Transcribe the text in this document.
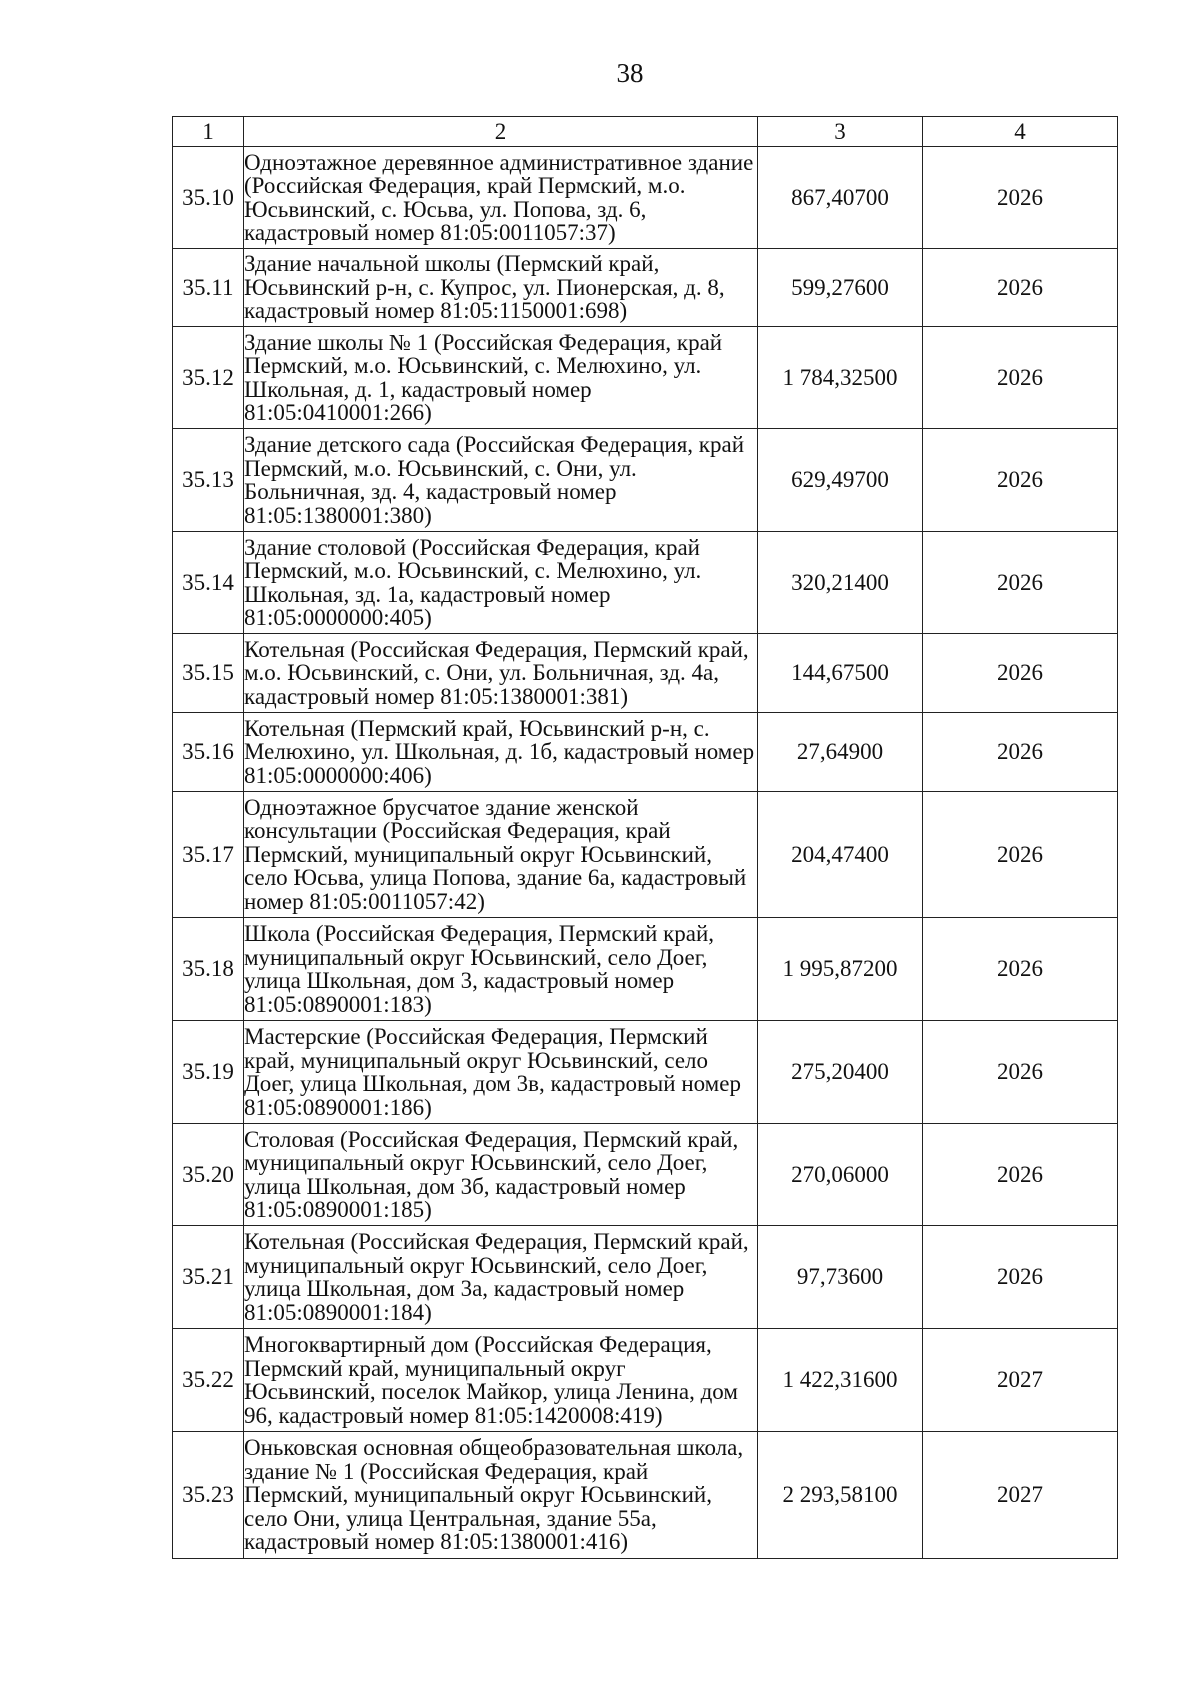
38
1	2	3	4
35.10	Одноэтажное деревянное административное здание (Российская Федерация, край Пермский, м.о. Юсьвинский, с. Юсьва, ул. Попова, зд. 6, кадастровый номер 81:05:0011057:37)	867,40700	2026
35.11	Здание начальной школы (Пермский край, Юсьвинский р-н, с. Купрос, ул. Пионерская, д. 8, кадастровый номер 81:05:1150001:698)	599,27600	2026
35.12	Здание школы № 1 (Российская Федерация, край Пермский, м.о. Юсьвинский, с. Мелюхино, ул. Школьная, д. 1, кадастровый номер 81:05:0410001:266)	1 784,32500	2026
35.13	Здание детского сада (Российская Федерация, край Пермский, м.о. Юсьвинский, с. Они, ул. Больничная, зд. 4, кадастровый номер 81:05:1380001:380)	629,49700	2026
35.14	Здание столовой (Российская Федерация, край Пермский, м.о. Юсьвинский, с. Мелюхино, ул. Школьная, зд. 1а, кадастровый номер 81:05:0000000:405)	320,21400	2026
35.15	Котельная (Российская Федерация, Пермский край, м.о. Юсьвинский, с. Они, ул. Больничная, зд. 4а, кадастровый номер 81:05:1380001:381)	144,67500	2026
35.16	Котельная (Пермский край, Юсьвинский р-н, с. Мелюхино, ул. Школьная, д. 1б, кадастровый номер 81:05:0000000:406)	27,64900	2026
35.17	Одноэтажное брусчатое здание женской консультации (Российская Федерация, край Пермский, муниципальный округ Юсьвинский, село Юсьва, улица Попова, здание 6а, кадастровый номер 81:05:0011057:42)	204,47400	2026
35.18	Школа (Российская Федерация, Пермский край, муниципальный округ Юсьвинский, село Доег, улица Школьная, дом 3, кадастровый номер 81:05:0890001:183)	1 995,87200	2026
35.19	Мастерские (Российская Федерация, Пермский край, муниципальный округ Юсьвинский, село Доег, улица Школьная, дом 3в, кадастровый номер 81:05:0890001:186)	275,20400	2026
35.20	Столовая (Российская Федерация, Пермский край, муниципальный округ Юсьвинский, село Доег, улица Школьная, дом 3б, кадастровый номер 81:05:0890001:185)	270,06000	2026
35.21	Котельная (Российская Федерация, Пермский край, муниципальный округ Юсьвинский, село Доег, улица Школьная, дом 3а, кадастровый номер 81:05:0890001:184)	97,73600	2026
35.22	Многоквартирный дом (Российская Федерация, Пермский край, муниципальный округ Юсьвинский, поселок Майкор, улица Ленина, дом 96, кадастровый номер 81:05:1420008:419)	1 422,31600	2027
35.23	Оньковская основная общеобразовательная школа, здание № 1 (Российская Федерация, край Пермский, муниципальный округ Юсьвинский, село Они, улица Центральная, здание 55а, кадастровый номер 81:05:1380001:416)	2 293,58100	2027
